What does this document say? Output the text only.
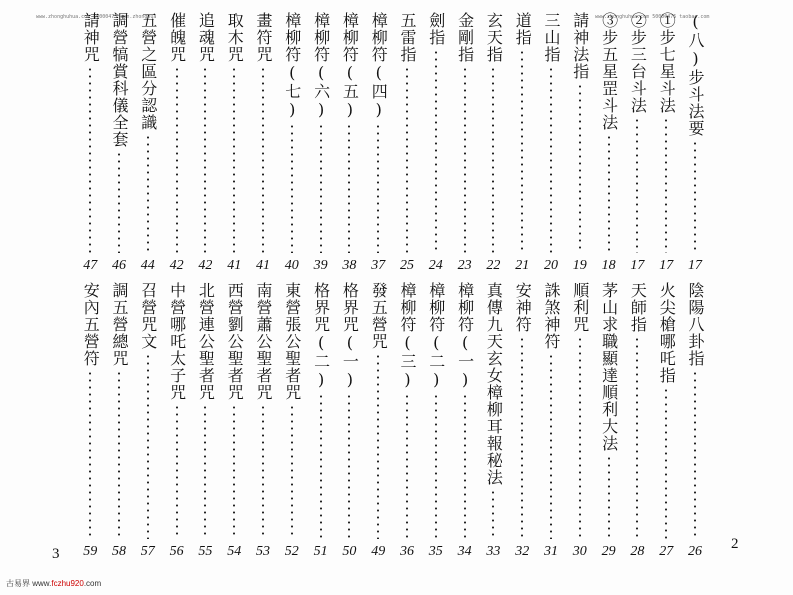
www.zhonghuhua.com 50000475 com.zhonghua	www.zhonghuhua.com 50000475 taobao.com
(八)步斗法要
17
①步七星斗法
17
②步三台斗法
17
③步五星罡斗法
18
請神法指
19
三山指
20
道指
21
玄天指
22
金剛指
23
劍指
24
五雷指
25
樟柳符(四)
37
樟柳符(五)
38
樟柳符(六)
39
樟柳符(七)
40
畫符咒
41
取木咒
41
追魂咒
42
催魄咒
42
五營之區分認識
44
調營犒賞科儀全套
46
請神咒
47
陰陽八卦指
26
火尖槍哪吒指
27
天師指
28
茅山求職顯達順利大法
29
順利咒
30
誅煞神符
31
安神符
32
真傳九天玄女樟柳耳報秘法
33
樟柳符(一)
34
樟柳符(二)
35
樟柳符(三)
36
發五營咒
49
格界咒(一)
50
格界咒(二)
51
東營張公聖者咒
52
南營蕭公聖者咒
53
西營劉公聖者咒
54
北營連公聖者咒
55
中營哪吒太子咒
56
召營咒文
57
調五營總咒
58
安內五營符
59	2
3
古易界 www.fczhu920.com
